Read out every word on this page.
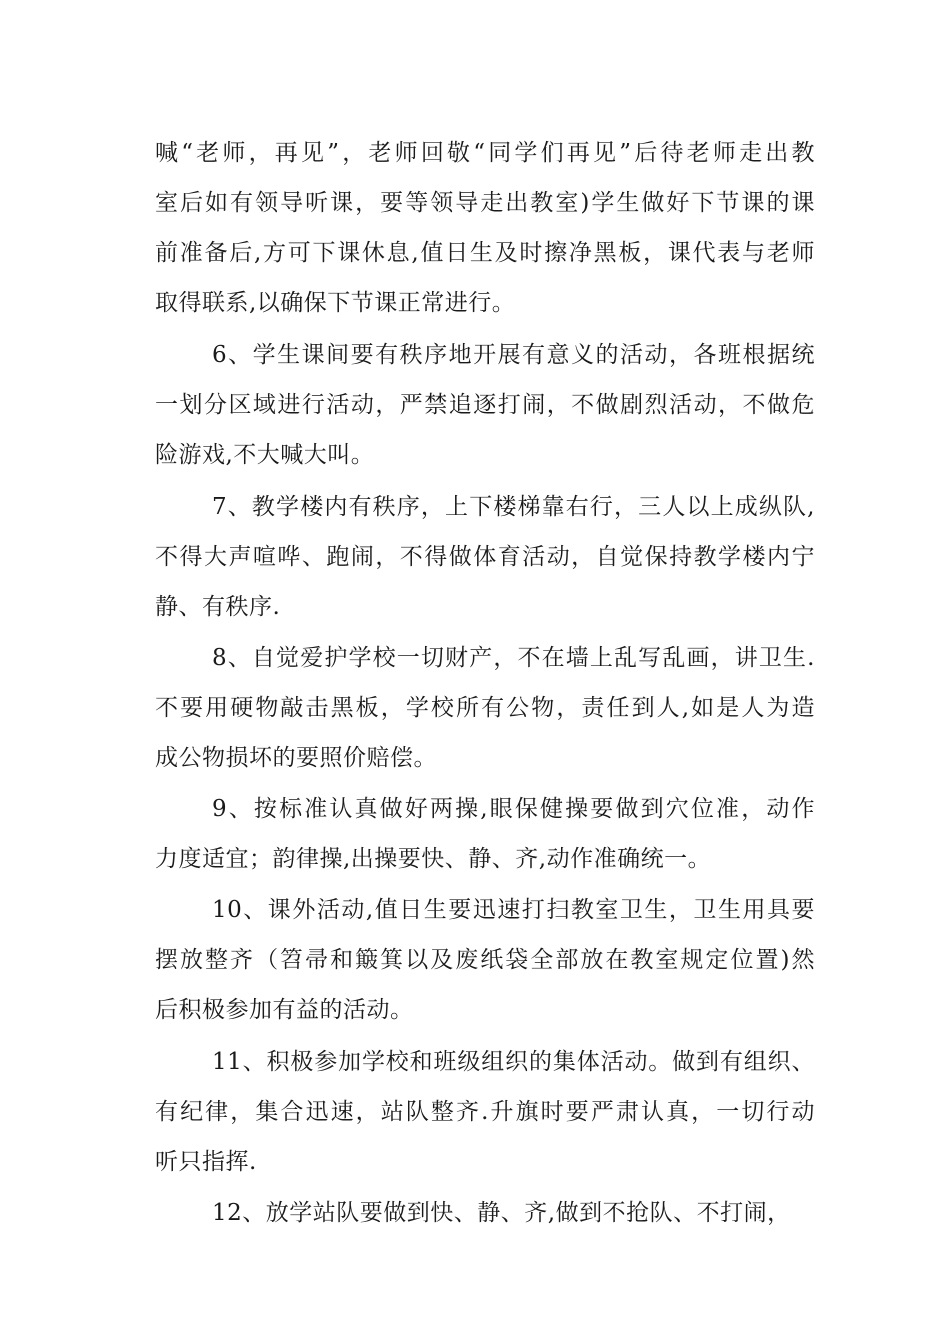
喊“老师，再见”，老师回敬“同学们再见”后待老师走出教
室后如有领导听课，要等领导走出教室)学生做好下节课的课
前准备后,方可下课休息,值日生及时擦净黑板，课代表与老师
取得联系,以确保下节课正常进行。
6、学生课间要有秩序地开展有意义的活动，各班根据统
一划分区域进行活动，严禁追逐打闹，不做剧烈活动，不做危
险游戏,不大喊大叫。
7、教学楼内有秩序，上下楼梯靠右行，三人以上成纵队,
不得大声喧哗、跑闹，不得做体育活动，自觉保持教学楼内宁
静、有秩序.
8、自觉爱护学校一切财产，不在墙上乱写乱画，讲卫生.
不要用硬物敲击黑板，学校所有公物，责任到人,如是人为造
成公物损坏的要照价赔偿。
9、按标准认真做好两操,眼保健操要做到穴位准，动作
力度适宜；韵律操,出操要快、静、齐,动作准确统一。
10、课外活动,值日生要迅速打扫教室卫生，卫生用具要
摆放整齐（笤帚和簸箕以及废纸袋全部放在教室规定位置)然
后积极参加有益的活动。
11、积极参加学校和班级组织的集体活动。做到有组织、
有纪律，集合迅速，站队整齐.升旗时要严肃认真，一切行动
听只指挥.
12、放学站队要做到快、静、齐,做到不抢队、不打闹，
